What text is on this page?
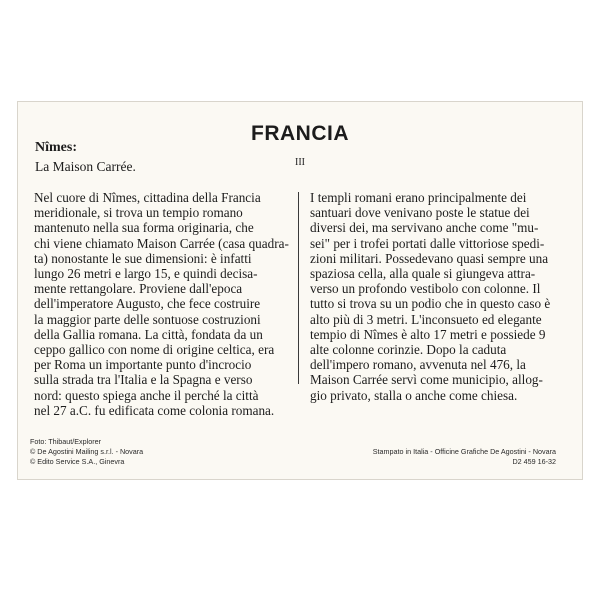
FRANCIA
III
Nîmes:
La Maison Carrée.
Nel cuore di Nîmes, cittadina della Francia
meridionale, si trova un tempio romano
mantenuto nella sua forma originaria, che
chi viene chiamato Maison Carrée (casa quadra-
ta) nonostante le sue dimensioni: è infatti
lungo 26 metri e largo 15, e quindi decisa-
mente rettangolare. Proviene dall'epoca
dell'imperatore Augusto, che fece costruire
la maggior parte delle sontuose costruzioni
della Gallia romana. La città, fondata da un
ceppo gallico con nome di origine celtica, era
per Roma un importante punto d'incrocio
sulla strada tra l'Italia e la Spagna e verso
nord: questo spiega anche il perché la città
nel 27 a.C. fu edificata come colonia romana.
I templi romani erano principalmente dei
santuari dove venivano poste le statue dei
diversi dei, ma servivano anche come "mu-
sei" per i trofei portati dalle vittoriose spedi-
zioni militari. Possedevano quasi sempre una
spaziosa cella, alla quale si giungeva attra-
verso un profondo vestibolo con colonne. Il
tutto si trova su un podio che in questo caso è
alto più di 3 metri. L'inconsueto ed elegante
tempio di Nîmes è alto 17 metri e possiede 9
alte colonne corinzie. Dopo la caduta
dell'impero romano, avvenuta nel 476, la
Maison Carrée servì come municipio, allog-
gio privato, stalla o anche come chiesa.
Foto: Thibaut/Explorer
© De Agostini Mailing s.r.l. - Novara
© Edito Service S.A., Ginevra
Stampato in Italia - Officine Grafiche De Agostini - Novara
D2 459 16-32
